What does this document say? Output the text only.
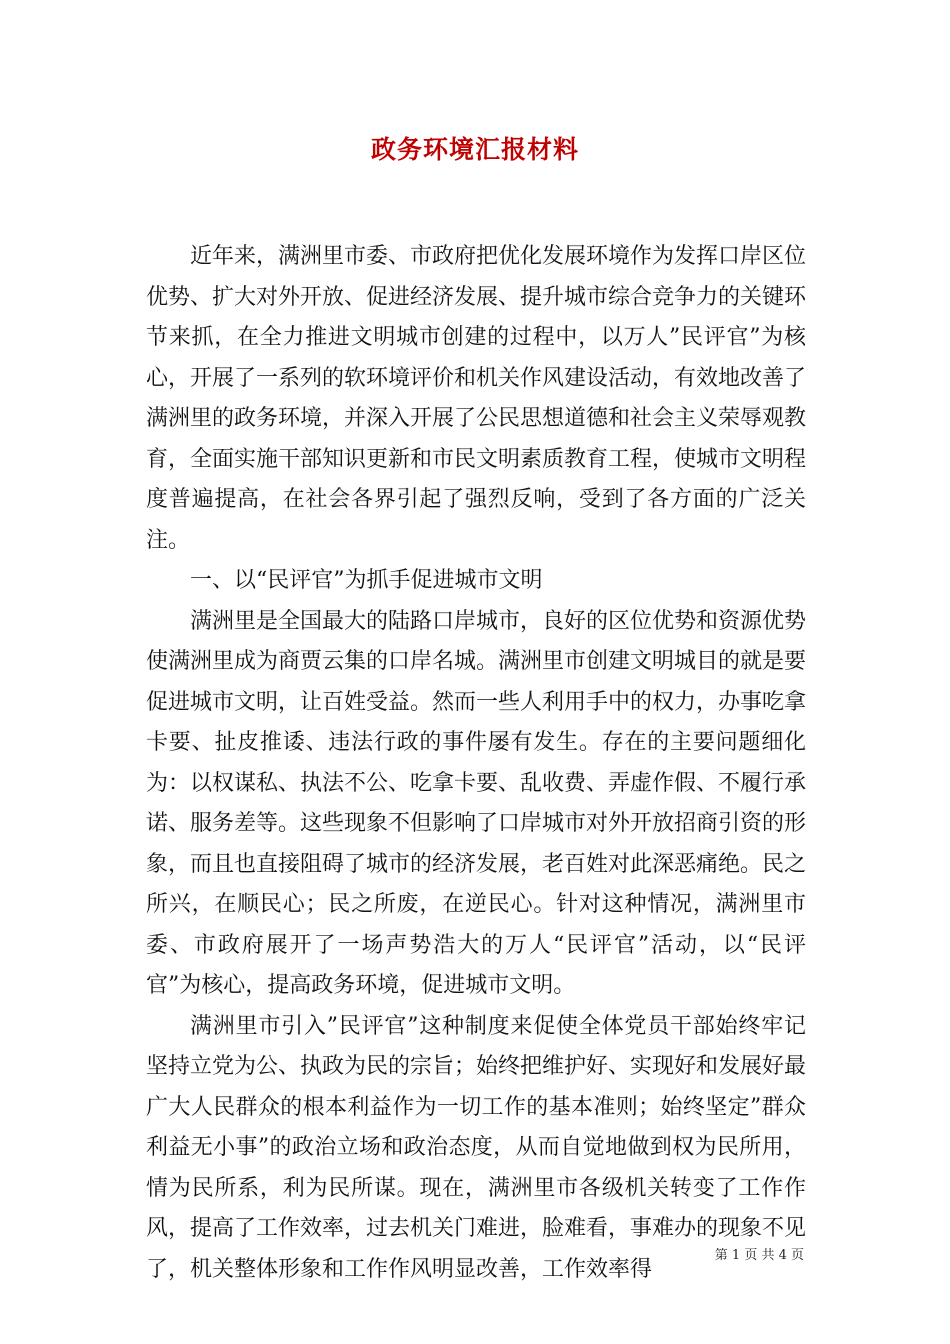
政务环境汇报材料

近年来，满洲里市委、市政府把优化发展环境作为发挥口岸区位优势、扩大对外开放、促进经济发展、提升城市综合竞争力的关键环节来抓，在全力推进文明城市创建的过程中，以万人”民评官”为核心，开展了一系列的软环境评价和机关作风建设活动，有效地改善了满洲里的政务环境，并深入开展了公民思想道德和社会主义荣辱观教育，全面实施干部知识更新和市民文明素质教育工程，使城市文明程度普遍提高，在社会各界引起了强烈反响，受到了各方面的广泛关注。

一、以“民评官”为抓手促进城市文明

满洲里是全国最大的陆路口岸城市，良好的区位优势和资源优势使满洲里成为商贾云集的口岸名城。满洲里市创建文明城目的就是要促进城市文明，让百姓受益。然而一些人利用手中的权力，办事吃拿卡要、扯皮推诿、违法行政的事件屡有发生。存在的主要问题细化为：以权谋私、执法不公、吃拿卡要、乱收费、弄虚作假、不履行承诺、服务差等。这些现象不但影响了口岸城市对外开放招商引资的形象，而且也直接阻碍了城市的经济发展，老百姓对此深恶痛绝。民之所兴，在顺民心；民之所废，在逆民心。针对这种情况，满洲里市委、市政府展开了一场声势浩大的万人“民评官”活动，以“民评官”为核心，提高政务环境，促进城市文明。

满洲里市引入”民评官”这种制度来促使全体党员干部始终牢记坚持立党为公、执政为民的宗旨；始终把维护好、实现好和发展好最广大人民群众的根本利益作为一切工作的基本准则；始终坚定”群众利益无小事”的政治立场和政治态度，从而自觉地做到权为民所用，情为民所系，利为民所谋。现在，满洲里市各级机关转变了工作作风，提高了工作效率，过去机关门难进，脸难看，事难办的现象不见了，机关整体形象和工作作风明显改善，工作效率得

第 1 页 共 4 页
